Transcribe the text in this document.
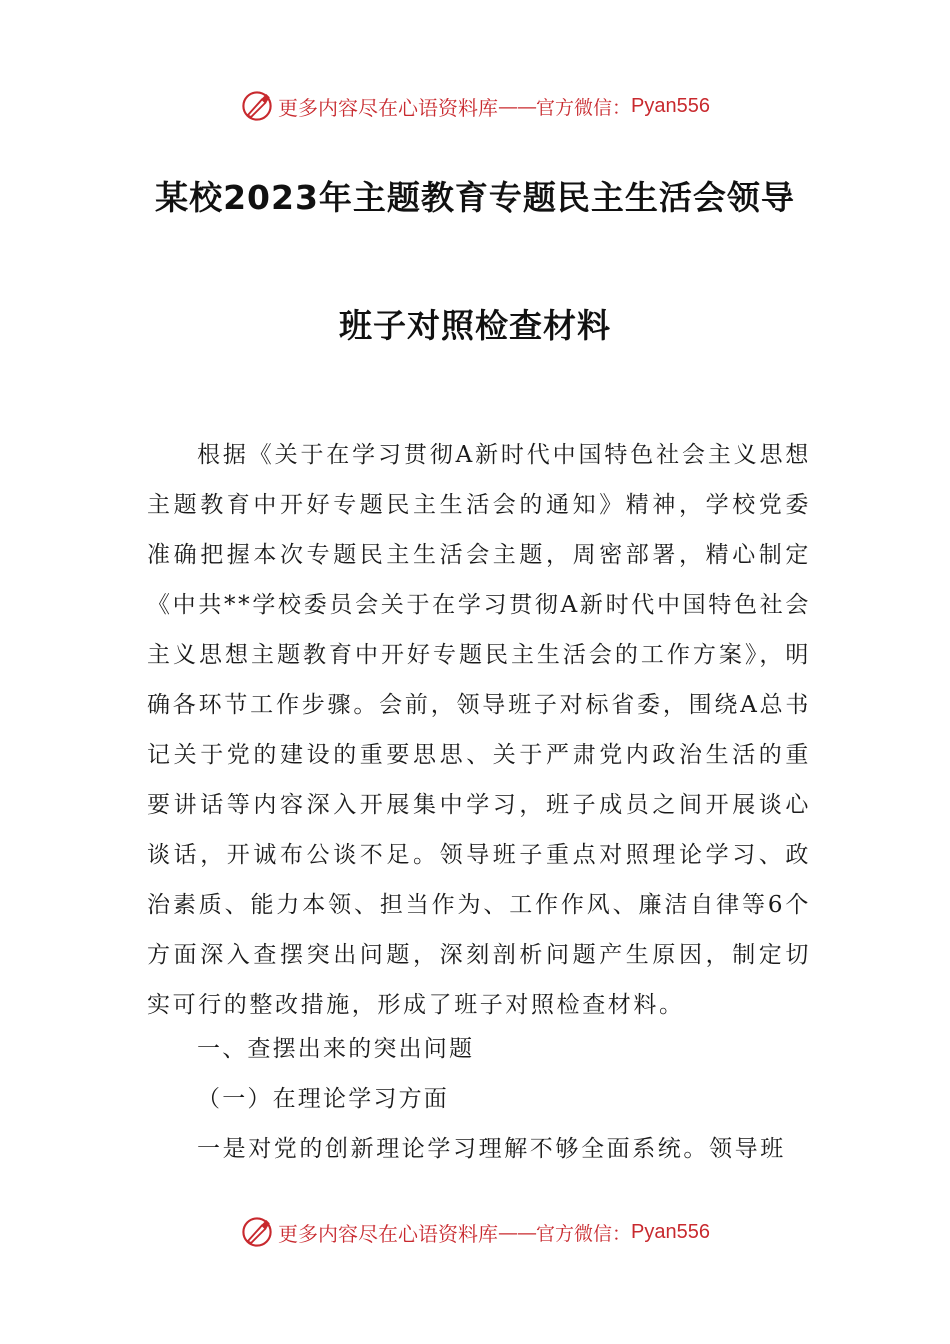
更多内容尽在心语资料库 —— 官方微信： Pyan556
某校2023年主题教育专题民主生活会领导
班子对照检查材料

根据《关于在学习贯彻A新时代中国特色社会主义思想主题教育中开好专题民主生活会的通知》精神，学校党委准确把握本次专题民主生活会主题，周密部署，精心制定《中共**学校委员会关于在学习贯彻A新时代中国特色社会主义思想主题教育中开好专题民主生活会的工作方案》，明确各环节工作步骤。会前，领导班子对标省委，围绕A总书记关于党的建设的重要思思、关于严肃党内政治生活的重要讲话等内容深入开展集中学习，班子成员之间开展谈心谈话，开诚布公谈不足。领导班子重点对照理论学习、政治素质、能力本领、担当作为、工作作风、廉洁自律等6个方面深入查摆突出问题，深刻剖析问题产生原因，制定切实可行的整改措施，形成了班子对照检查材料。

一、查摆出来的突出问题

（一）在理论学习方面

一是对党的创新理论学习理解不够全面系统。领导班

更多内容尽在心语资料库 —— 官方微信： Pyan556
